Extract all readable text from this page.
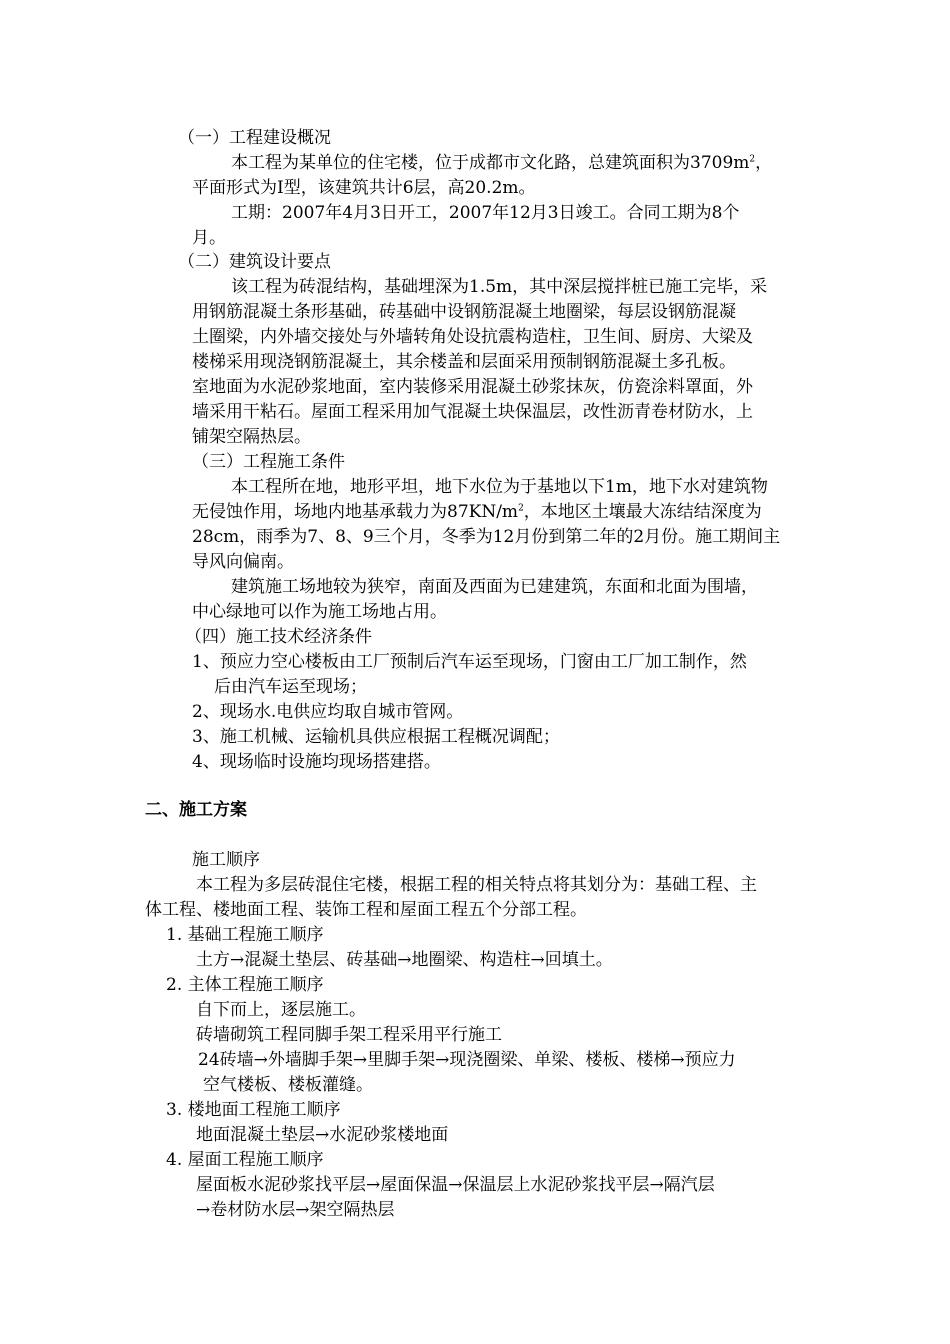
（一）工程建设概况
本工程为某单位的住宅楼，位于成都市文化路，总建筑面积为$3709m^2$，
平面形式为Ⅰ型，该建筑共计6层，高20.2m。
工期：2007年4月3日开工，2007年12月3日竣工。合同工期为8个
月。
（二）建筑设计要点
该工程为砖混结构，基础埋深为1.5m，其中深层搅拌桩已施工完毕，采
用钢筋混凝土条形基础，砖基础中设钢筋混凝土地圈梁，每层设钢筋混凝
土圈梁，内外墙交接处与外墙转角处设抗震构造柱，卫生间、厨房、大梁及
楼梯采用现浇钢筋混凝土，其余楼盖和层面采用预制钢筋混凝土多孔板。
室地面为水泥砂浆地面，室内装修采用混凝土砂浆抹灰，仿瓷涂料罩面，外
墙采用干粘石。屋面工程采用加气混凝土块保温层，改性沥青卷材防水，上
铺架空隔热层。
（三）工程施工条件
本工程所在地，地形平坦，地下水位为于基地以下1m，地下水对建筑物
无侵蚀作用，场地内地基承载力为$87KN/m^2$，本地区土壤最大冻结结深度为
28cm，雨季为7、8、9三个月，冬季为12月份到第二年的2月份。施工期间主
导风向偏南。
建筑施工场地较为狭窄，南面及西面为已建建筑，东面和北面为围墙，
中心绿地可以作为施工场地占用。
（四）施工技术经济条件
1、预应力空心楼板由工厂预制后汽车运至现场，门窗由工厂加工制作，然
后由汽车运至现场；
2、现场水.电供应均取自城市管网。
3、施工机械、运输机具供应根据工程概况调配；
4、现场临时设施均现场搭建搭。
二、施工方案
施工顺序
本工程为多层砖混住宅楼，根据工程的相关特点将其划分为：基础工程、主
体工程、楼地面工程、装饰工程和屋面工程五个分部工程。
1. 基础工程施工顺序
土方→混凝土垫层、砖基础→地圈梁、构造柱→回填土。
2. 主体工程施工顺序
自下而上，逐层施工。
砖墙砌筑工程同脚手架工程采用平行施工
24砖墙→外墙脚手架→里脚手架→现浇圈梁、单梁、楼板、楼梯→预应力
空气楼板、楼板灌缝。
3. 楼地面工程施工顺序
地面混凝土垫层→水泥砂浆楼地面
4. 屋面工程施工顺序
屋面板水泥砂浆找平层→屋面保温→保温层上水泥砂浆找平层→隔汽层
→卷材防水层→架空隔热层
